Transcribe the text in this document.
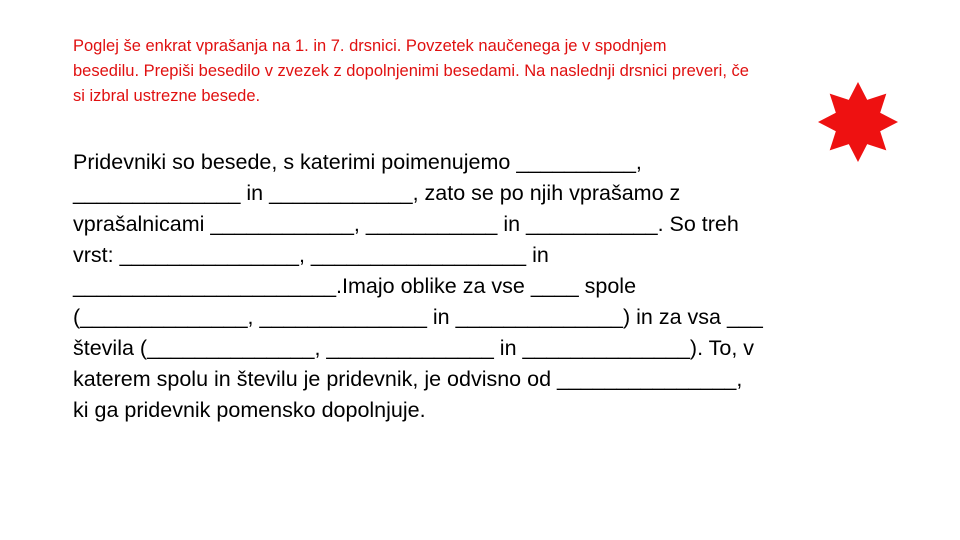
Poglej še enkrat vprašanja na 1. in 7. drsnici. Povzetek naučenega je v spodnjem
besedilu. Prepiši besedilo v zvezek z dopolnjenimi besedami. Na naslednji drsnici preveri, če
si izbral ustrezne besede.

Pridevniki so besede, s katerimi poimenujemo __________,
______________ in ____________, zato se po njih vprašamo z
vprašalnicami ____________, ___________ in ___________. So treh
vrst: _______________, __________________ in
______________________.Imajo oblike za vse ____ spole
(______________, ______________ in ______________) in za vsa ___
števila (______________, ______________ in ______________). To, v
katerem spolu in številu je pridevnik, je odvisno od _______________,
ki ga pridevnik pomensko dopolnjuje.
